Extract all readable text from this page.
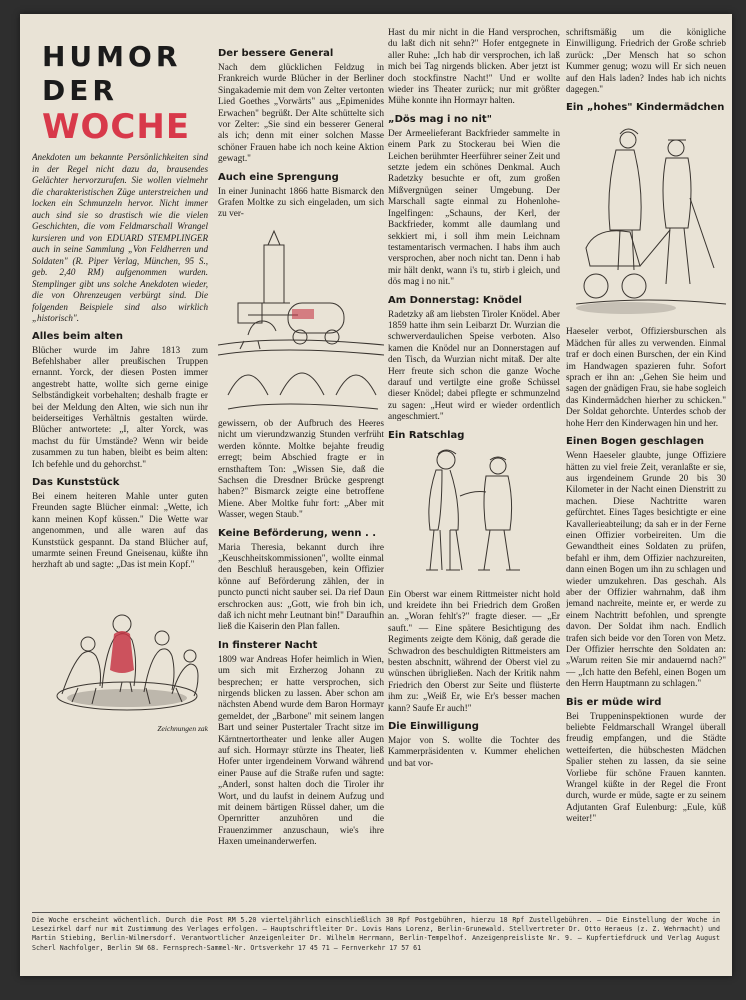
HUMOR
DER
WOCHE

Anekdoten um bekannte Persönlichkeiten sind in der Regel nicht dazu da, brausendes Gelächter hervorzurufen. Sie wollen vielmehr die charakteristischen Züge unterstreichen und locken ein Schmunzeln hervor. Nicht immer auch sind sie so drastisch wie die vielen Geschichten, die vom Feldmarschall Wrangel kursieren und von EDUARD STEMPLINGER auch in seine Sammlung „Von Feldherren und Soldaten" (R. Piper Verlag, München, 95 S., geb. 2,40 RM) aufgenommen wurden. Stemplinger gibt uns solche Anekdoten wieder, die von Ohrenzeugen verbürgt sind. Die folgenden Beispiele sind also wirklich „historisch".

Alles beim alten

Blücher wurde im Jahre 1813 zum Befehlshaber aller preußischen Truppen ernannt. Yorck, der diesen Posten immer angestrebt hatte, wollte sich gerne einige Selbständigkeit vorbehalten; deshalb fragte er bei der Meldung den Alten, wie sich nun ihr beiderseitiges Verhältnis gestalten würde. Blücher antwortete: „I, alter Yorck, was machst du für Umstände? Wenn wir beide zusammen zu tun haben, bleibt es beim alten: Ich befehle und du gehorchst."

Das Kunststück

Bei einem heiteren Mahle unter guten Freunden sagte Blücher einmal: „Wette, ich kann meinen Kopf küssen." Die Wette war angenommen, und alle waren auf das Kunststück gespannt. Da stand Blücher auf, umarmte seinen Freund Gneisenau, küßte ihn herzhaft ab und sagte: „Das ist mein Kopf."

Zeichnungen zak
Der bessere General

Nach dem glücklichen Feldzug in Frankreich wurde Blücher in der Berliner Singakademie mit dem von Zelter vertonten Lied Goethes „Vorwärts" aus „Epimenides Erwachen" begrüßt. Der Alte schüttelte sich vor Zelter: „Sie sind ein besserer General als ich; denn mit einer solchen Masse schöner Frauen habe ich noch keine Aktion gewagt."

Auch eine Sprengung

In einer Juninacht 1866 hatte Bismarck den Grafen Moltke zu sich eingeladen, um sich zu ver-

gewissern, ob der Aufbruch des Heeres nicht um vierundzwanzig Stunden verfrüht werden könnte. Moltke bejahte freudig erregt; beim Abschied fragte er in ernsthaftem Ton: „Wissen Sie, daß die Sachsen die Dresdner Brücke gesprengt haben?" Bismarck zeigte eine betroffene Miene. Aber Moltke fuhr fort: „Aber mit Wasser, wegen Staub."

Keine Beförderung, wenn . .

Maria Theresia, bekannt durch ihre „Keuschheitskommissionen", wollte einmal den Beschluß herausgeben, kein Offizier könne auf Beförderung zählen, der in puncto puncti nicht sauber sei. Da rief Daun erschrocken aus: „Gott, wie froh bin ich, daß ich nicht mehr Leutnant bin!" Daraufhin ließ die Kaiserin den Plan fallen.

In finsterer Nacht

1809 war Andreas Hofer heimlich in Wien, um sich mit Erzherzog Johann zu besprechen; er hatte versprochen, sich nirgends blicken zu lassen. Aber schon am nächsten Abend wurde dem Baron Hormayr gemeldet, der „Barbone" mit seinem langen Bart und seiner Pustertaler Tracht sitze im Kärntnertortheater und lenke aller Augen auf sich. Hormayr stürzte ins Theater, ließ Hofer unter irgendeinem Vorwand während einer Pause auf die Straße rufen und sagte: „Anderl, sonst halten doch die Tiroler ihr Wort, und du laufst in deinem Aufzug und mit deinem bärtigen Rüssel daher, um die Opernritter anzuhören und die Frauenzimmer anzuschaun, wie's ihre Haxen umeinanderwerfen.

Hast du mir nicht in die Hand versprochen, du laßt dich nit sehn?" Hofer entgegnete in aller Ruhe: „Ich hab dir versprochen, ich laß mich bei Tag nirgends blicken. Aber jetzt ist doch stockfinstre Nacht!" Und er wollte wieder ins Theater zurück; nur mit größter Mühe konnte ihn Hormayr halten.

„Dös mag i no nit"

Der Armeelieferant Backfrieder sammelte in einem Park zu Stockerau bei Wien die Leichen berühmter Heerführer seiner Zeit und setzte jedem ein schönes Denkmal. Auch Radetzky besuchte er oft, zum großen Mißvergnügen seiner Umgebung. Der Marschall sagte einmal zu Hohenlohe-Ingelfingen: „Schauns, der Kerl, der Backfrieder, kommt alle daumlang und sekkiert mi, i soll ihm mein Leichnam testamentarisch vermachen. I habs ihm auch versprochen, aber noch nicht tan. Denn i hab mir hält denkt, wann i's tu, stirb i gleich, und dös mag i no nit."

Am Donnerstag: Knödel

Radetzky aß am liebsten Tiroler Knödel. Aber 1859 hatte ihm sein Leibarzt Dr. Wurzian die schwerverdaulichen Speise verboten. Also kamen die Knödel nur an Donnerstagen auf den Tisch, da Wurzian nicht mitaß. Der alte Herr freute sich schon die ganze Woche darauf und vertilgte eine große Schüssel dieser Knödel; dabei pflegte er schmunzelnd zu sagen: „Heut wird er wieder ordentlich angeschmiert."

Ein Ratschlag

Ein Oberst war einem Rittmeister nicht hold und kreidete ihn bei Friedrich dem Großen an. „Woran fehlt's?" fragte dieser. — „Er sauft." — Eine spätere Besichtigung des Regiments zeigte dem König, daß gerade die Schwadron des beschuldigten Rittmeisters am besten abschnitt, während der Oberst viel zu wünschen übrigließen. Nach der Kritik nahm Friedrich den Oberst zur Seite und flüsterte ihm zu: „Weiß Er, wie Er's besser machen kann? Saufe Er auch!"

Die Einwilligung

Major von S. wollte die Tochter des Kammerpräsidenten v. Kummer ehelichen und bat vor-

schriftsmäßig um die königliche Einwilligung. Friedrich der Große schrieb zurück: „Der Mensch hat so schon Kummer genug; wozu will Er sich neuen auf den Hals laden? Indes hab ich nichts dagegen."

Ein „hohes" Kindermädchen

Haeseler verbot, Offiziersburschen als Mädchen für alles zu verwenden. Einmal traf er doch einen Burschen, der ein Kind im Handwagen spazieren fuhr. Sofort sprach er ihn an: „Gehen Sie heim und sagen der gnädigen Frau, sie habe sogleich das Kindermädchen hierher zu schicken." Der Soldat gehorchte. Unterdes schob der hohe Herr den Kinderwagen hin und her.

Einen Bogen geschlagen

Wenn Haeseler glaubte, junge Offiziere hätten zu viel freie Zeit, veranlaßte er sie, aus irgendeinem Grunde 20 bis 30 Kilometer in der Nacht einen Dienstritt zu machen. Diese Nachtritte waren gefürchtet. Eines Tages besichtigte er eine Kavallerieabteilung; da sah er in der Ferne einen Offizier vorbeireiten. Um die Gewandtheit eines Soldaten zu prüfen, befahl er ihm, dem Offizier nachzureiten, dann einen Bogen um ihn zu schlagen und wieder umzukehren. Das geschah. Als aber der Offizier wahrnahm, daß ihm jemand nachreite, meinte er, er werde zu einem Nachtritt befohlen, und sprengte davon. Der Soldat ihm nach. Endlich trafen sich beide vor den Toren von Metz. Der Offizier herrschte den Soldaten an: „Warum reiten Sie mir andauernd nach?" — „Ich hatte den Befehl, einen Bogen um den Herrn Hauptmann zu schlagen."

Bis er müde wird

Bei Truppeninspektionen wurde der beliebte Feldmarschall Wrangel überall freudig empfangen, und die Städte wetteiferten, die hübschesten Mädchen Spalier stehen zu lassen, da sie seine Vorliebe für schöne Frauen kannten. Wrangel küßte in der Regel die Front durch, wurde er müde, sagte er zu seinem Adjutanten Graf Eulenburg: „Eule, küß weiter!"

Die Woche erscheint wöchentlich. Durch die Post RM 5.20 vierteljährlich einschließlich 30 Rpf Postgebühren, hierzu 18 Rpf Zustellgebühren. — Die Einstellung der Woche in Lesezirkel darf nur mit Zustimmung des Verlages erfolgen. — Hauptschriftleiter Dr. Lovis Hans Lorenz, Berlin-Grunewald. Stellvertreter Dr. Otto Heraeus (z. Z. Wehrmacht) und Martin Stiebing, Berlin-Wilmersdorf. Verantwortlicher Anzeigenleiter Dr. Wilhelm Herrmann, Berlin-Tempelhof. Anzeigenpreisliste Nr. 9. — Kupfertiefdruck und Verlag August Scherl Nachfolger, Berlin SW 68. Fernsprech-Sammel-Nr. Ortsverkehr 17 45 71 — Fernverkehr 17 57 61
